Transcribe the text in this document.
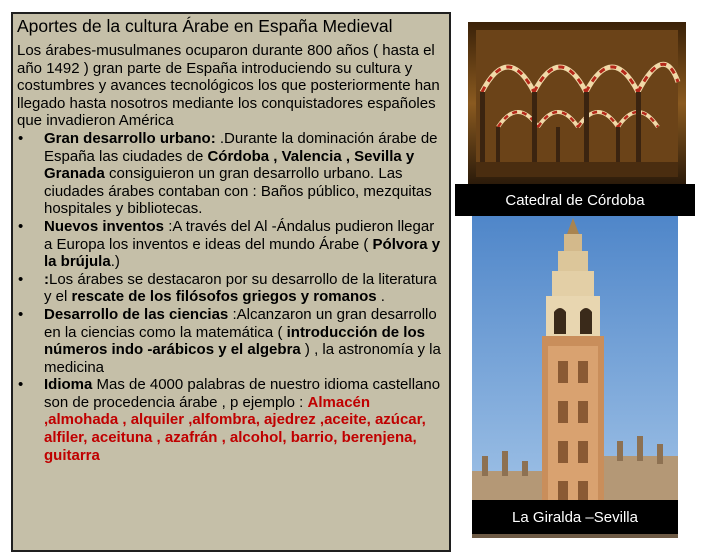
Aportes de la cultura Árabe en España Medieval

Los árabes-musulmanes ocuparon durante 800 años ( hasta el año 1492 ) gran parte de España introduciendo su cultura y costumbres y avances tecnológicos los que posteriormente han llegado hasta nosotros mediante los conquistadores españoles que invadieron América

• Gran desarrollo urbano: .Durante la dominación árabe de España las ciudades de Córdoba , Valencia , Sevilla y Granada consiguieron un gran desarrollo urbano. Las ciudades árabes contaban con : Baños público, mezquitas hospitales y bibliotecas.
• Nuevos inventos :A través del Al -Ándalus pudieron llegar a Europa los inventos e ideas del mundo Árabe ( Pólvora y la brújula.)
• :Los árabes se destacaron por su desarrollo de la literatura y el rescate de los filósofos griegos y romanos .
• Desarrollo de las ciencias :Alcanzaron un gran desarrollo en la ciencias como la matemática ( introducción de los números indo -arábicos y el algebra ) , la astronomía y la medicina
• Idioma Mas de 4000 palabras de nuestro idioma castellano son de procedencia árabe , p ejemplo : Almacén ,almohada , alquiler ,alfombra, ajedrez ,aceite, azúcar, alfiler, aceituna , azafrán , alcohol, barrio, berenjena, guitarra
Catedral de Córdoba
La Giralda –Sevilla
